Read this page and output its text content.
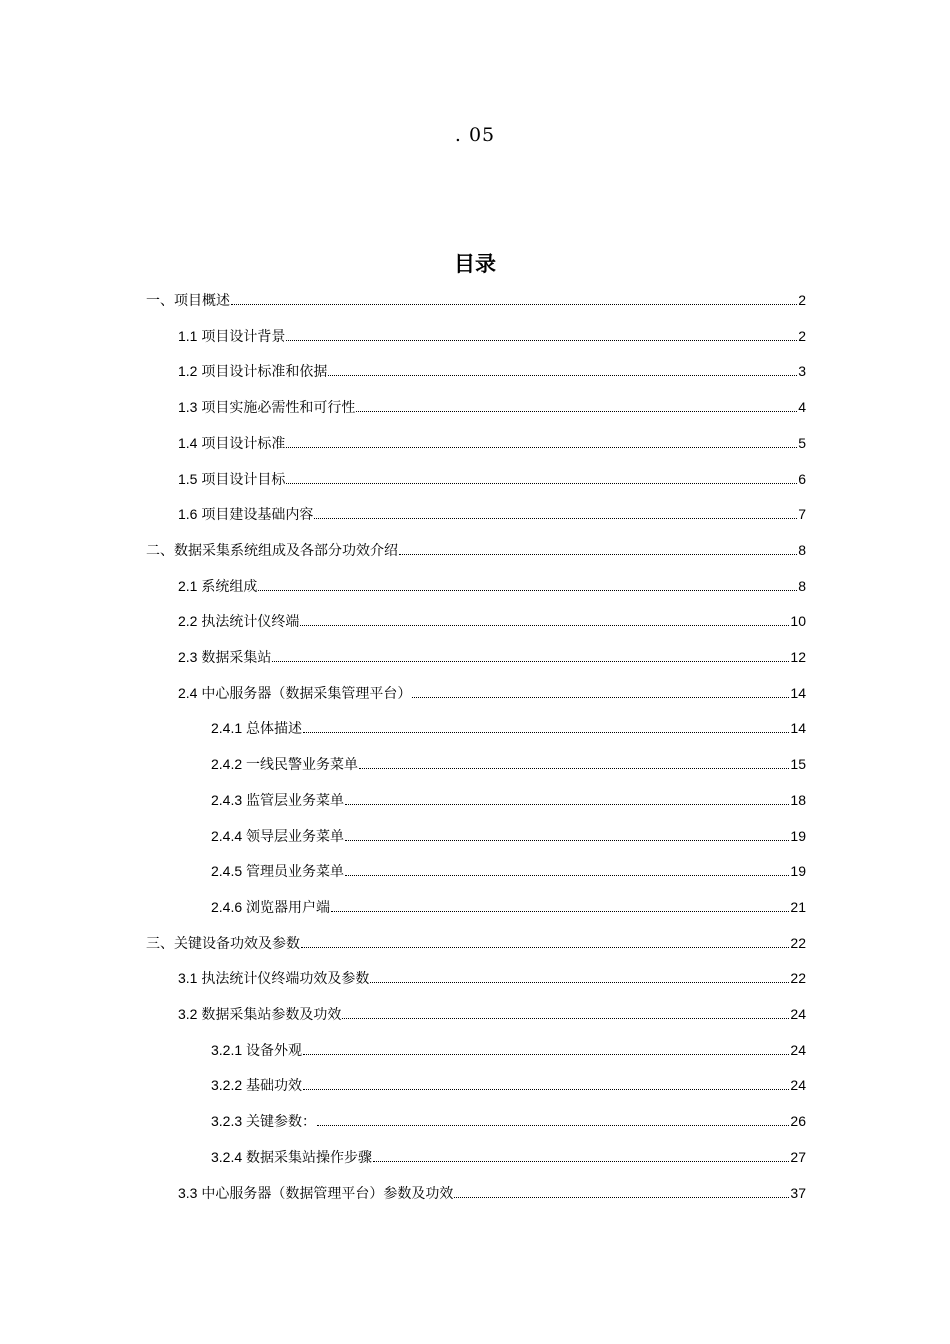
. 05
目录
一、项目概述	2
1.1 项目设计背景	2
1.2 项目设计标准和依据	3
1.3 项目实施必需性和可行性	4
1.4 项目设计标准	5
1.5 项目设计目标	6
1.6 项目建设基础内容	7
二、数据采集系统组成及各部分功效介绍	8
2.1 系统组成	8
2.2 执法统计仪终端	10
2.3 数据采集站	12
2.4 中心服务器（数据采集管理平台）	14
2.4.1 总体描述	14
2.4.2 一线民警业务菜单	15
2.4.3 监管层业务菜单	18
2.4.4 领导层业务菜单	19
2.4.5 管理员业务菜单	19
2.4.6 浏览器用户端	21
三、关键设备功效及参数	22
3.1 执法统计仪终端功效及参数	22
3.2 数据采集站参数及功效	24
3.2.1 设备外观	24
3.2.2 基础功效	24
3.2.3 关键参数：	26
3.2.4 数据采集站操作步骤	27
3.3 中心服务器（数据管理平台）参数及功效	37
